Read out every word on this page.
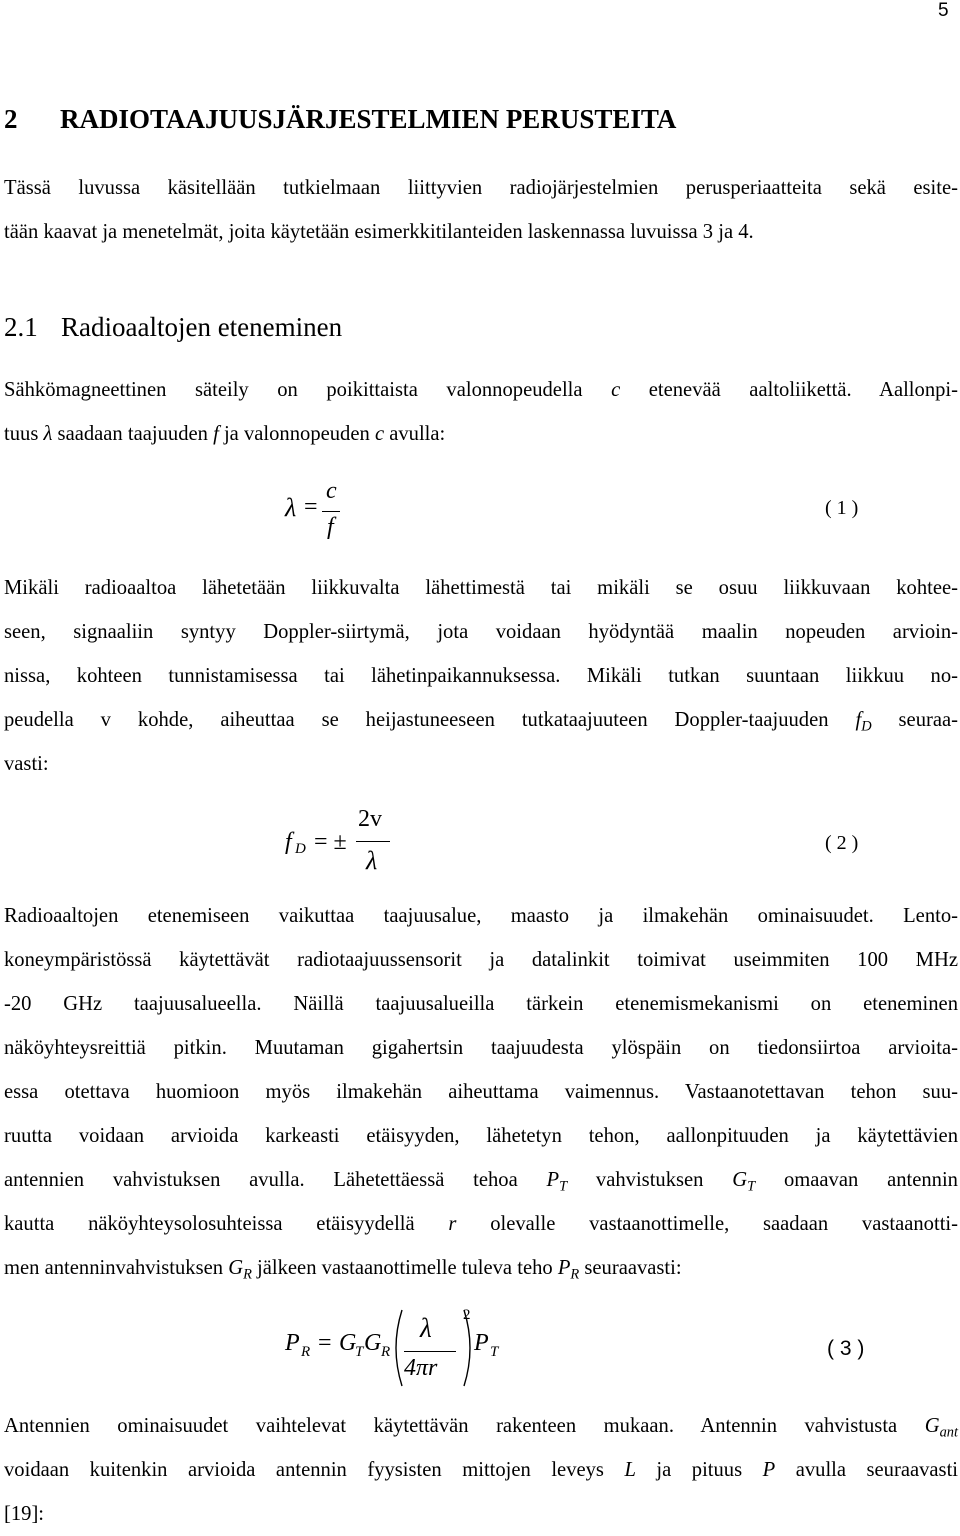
5
2 RADIOTAAJUUSJÄRJESTELMIEN PERUSTEITA
Tässä luvussa käsitellään tutkielmaan liittyvien radiojärjestelmien perusperiaatteita sekä esite-
tään kaavat ja menetelmät, joita käytetään esimerkkitilanteiden laskennassa luvuissa 3 ja 4.
2.1 Radioaaltojen eteneminen
Sähkömagneettinen säteily on poikittaista valonnopeudella c etenevää aaltoliikettä. Aallonpi-
tuus λ saadaan taajuuden f ja valonnopeuden c avulla:
λ =
c
f
( 1 )
Mikäli radioaaltoa lähetetään liikkuvalta lähettimestä tai mikäli se osuu liikkuvaan kohtee-
seen, signaaliin syntyy Doppler-siirtymä, jota voidaan hyödyntää maalin nopeuden arvioin-
nissa, kohteen tunnistamisessa tai lähetinpaikannuksessa. Mikäli tutkan suuntaan liikkuu no-
peudella v kohde, aiheuttaa se heijastuneeseen tutkataajuuteen Doppler-taajuuden $f_D$ seuraa-
vasti:
f D = ±
2v
λ
( 2 )
Radioaaltojen etenemiseen vaikuttaa taajuusalue, maasto ja ilmakehän ominaisuudet. Lento-
koneympäristössä käytettävät radiotaajuussensorit ja datalinkit toimivat useimmiten 100 MHz
-20 GHz taajuusalueella. Näillä taajuusalueilla tärkein etenemismekanismi on eteneminen
näköyhteysreittiä pitkin. Muutaman gigahertsin taajuudesta ylöspäin on tiedonsiirtoa arvioita-
essa otettava huomioon myös ilmakehän aiheuttama vaimennus. Vastaanotettavan tehon suu-
ruutta voidaan arvioida karkeasti etäisyyden, lähetetyn tehon, aallonpituuden ja käytettävien
antennien vahvistuksen avulla. Lähetettäessä tehoa $P_T$ vahvistuksen $G_T$ omaavan antennin
kautta näköyhteysolosuhteissa etäisyydellä r olevalle vastaanottimelle, saadaan vastaanotti-
men antenninvahvistuksen $G_R$ jälkeen vastaanottimelle tuleva teho $P_R$ seuraavasti:
P R = G
T G R
λ
4πr
2
P T	( 3 )
Antennien ominaisuudet vaihtelevat käytettävän rakenteen mukaan. Antennin vahvistusta $G_{ant}$
voidaan kuitenkin arvioida antennin fyysisten mittojen leveys L ja pituus P avulla seuraavasti
[19]:
